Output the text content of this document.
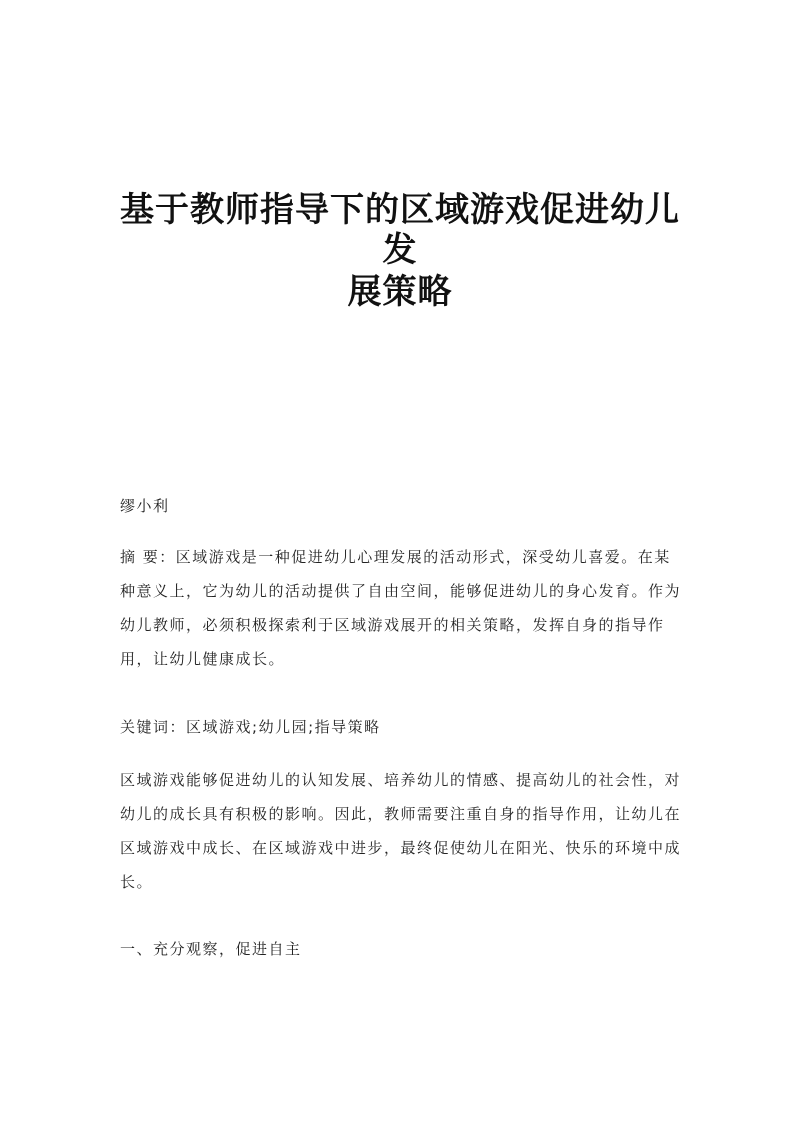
基于教师指导下的区域游戏促进幼儿发
展策略
缪小利
摘 要：区域游戏是一种促进幼儿心理发展的活动形式，深受幼儿喜爱。在某种意义上，它为幼儿的活动提供了自由空间，能够促进幼儿的身心发育。作为幼儿教师，必须积极探索利于区域游戏展开的相关策略，发挥自身的指导作用，让幼儿健康成长。
关键词：区域游戏;幼儿园;指导策略
区域游戏能够促进幼儿的认知发展、培养幼儿的情感、提高幼儿的社会性，对幼儿的成长具有积极的影响。因此，教师需要注重自身的指导作用，让幼儿在区域游戏中成长、在区域游戏中进步，最终促使幼儿在阳光、快乐的环境中成长。
一、充分观察，促进自主
